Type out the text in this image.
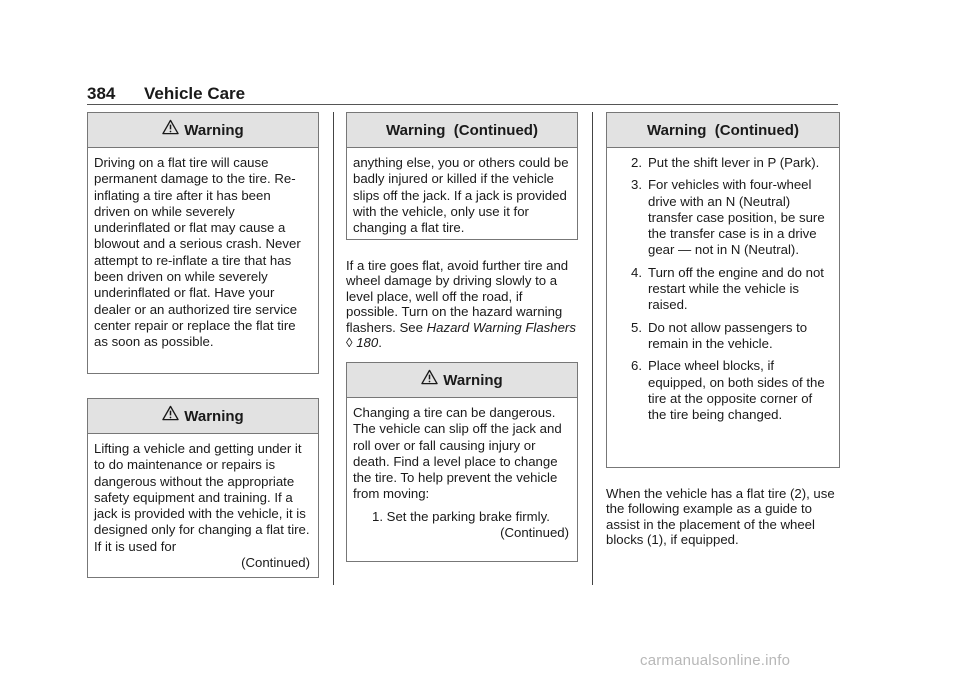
384 Vehicle Care
Warning

Driving on a flat tire will cause permanent damage to the tire. Re-inflating a tire after it has been driven on while severely underinflated or flat may cause a blowout and a serious crash. Never attempt to re-inflate a tire that has been driven on while severely underinflated or flat. Have your dealer or an authorized tire service center repair or replace the flat tire as soon as possible.

Warning

Lifting a vehicle and getting under it to do maintenance or repairs is dangerous without the appropriate safety equipment and training. If a jack is provided with the vehicle, it is designed only for changing a flat tire. If it is used for

(Continued)

Warning  (Continued)

anything else, you or others could be badly injured or killed if the vehicle slips off the jack. If a jack is provided with the vehicle, only use it for changing a flat tire.

If a tire goes flat, avoid further tire and wheel damage by driving slowly to a level place, well off the road, if possible. Turn on the hazard warning flashers. See Hazard Warning Flashers ◊ 180.

Warning

Changing a tire can be dangerous. The vehicle can slip off the jack and roll over or fall causing injury or death. Find a level place to change the tire. To help prevent the vehicle from moving:

1. Set the parking brake firmly.

(Continued)

Warning  (Continued)
2. Put the shift lever in P (Park).
3. For vehicles with four-wheel drive with an N (Neutral) transfer case position, be sure the transfer case is in a drive gear — not in N (Neutral).
4. Turn off the engine and do not restart while the vehicle is raised.
5. Do not allow passengers to remain in the vehicle.
6. Place wheel blocks, if equipped, on both sides of the tire at the opposite corner of the tire being changed.

When the vehicle has a flat tire (2), use the following example as a guide to assist in the placement of the wheel blocks (1), if equipped.

carmanualsonline.info
